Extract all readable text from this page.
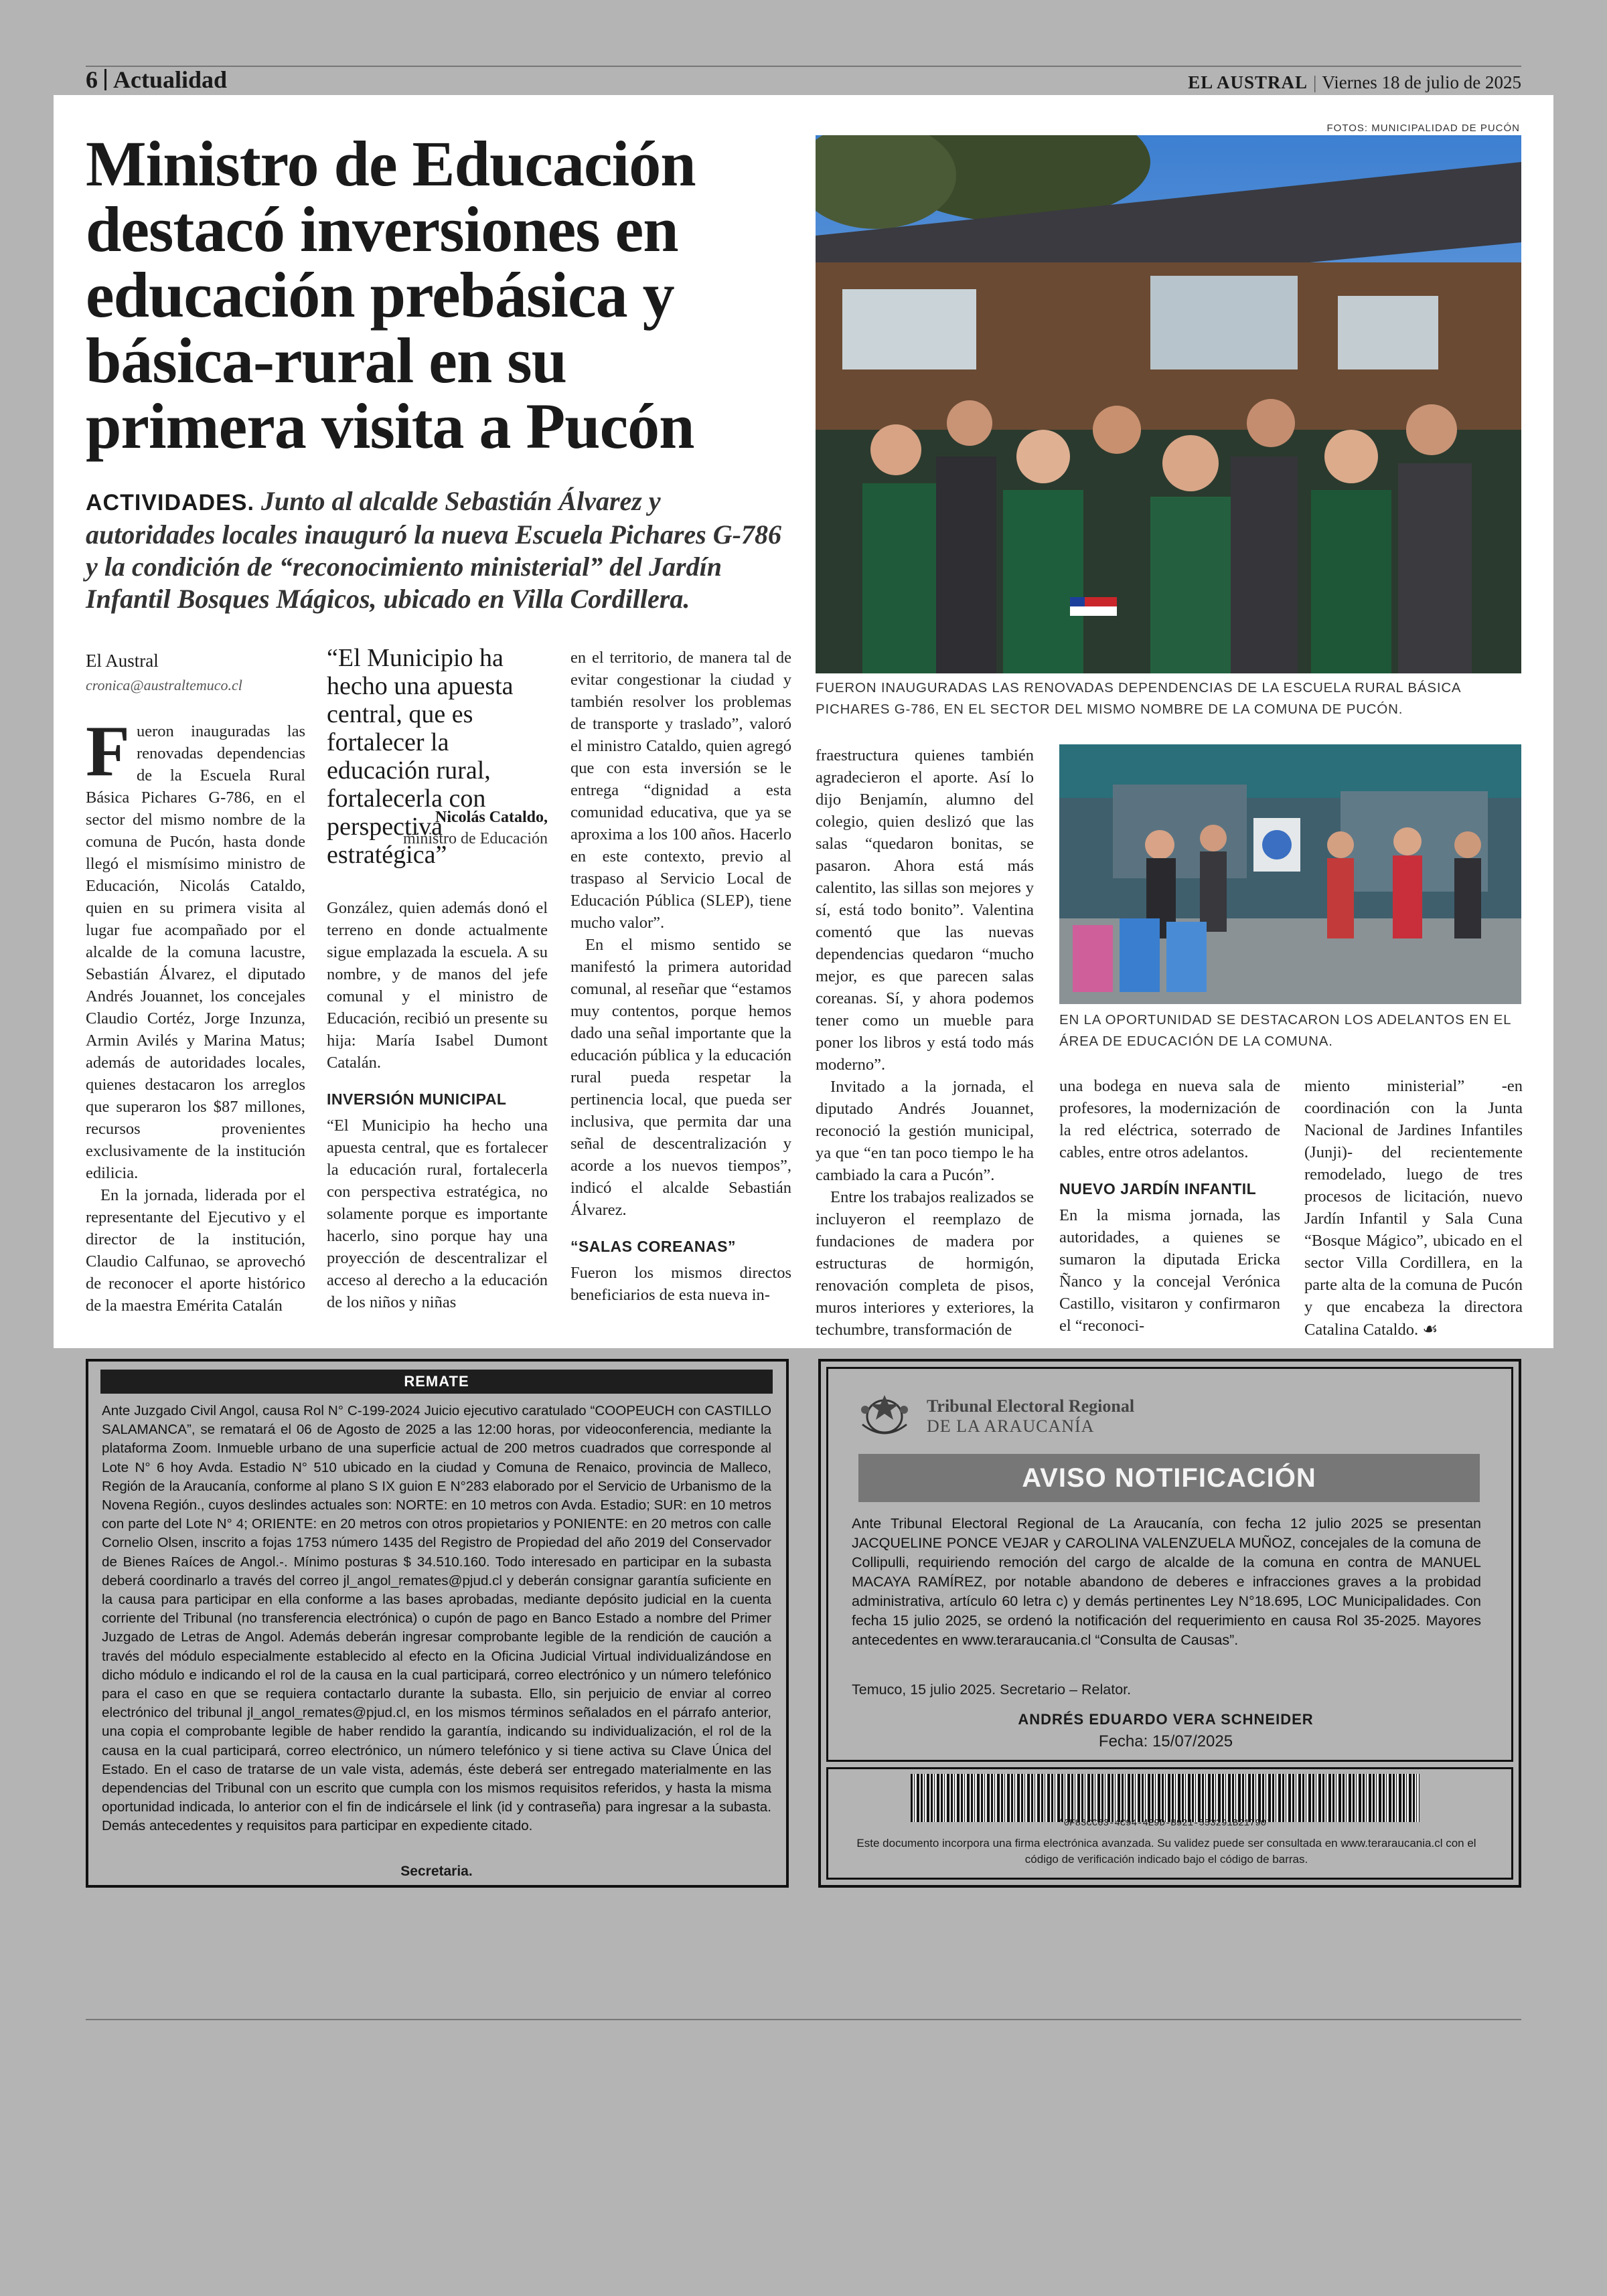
6 Actualidad	EL AUSTRAL | Viernes 18 de julio de 2025
Ministro de Educación destacó inversiones en educación prebásica y básica-rural en su primera visita a Pucón
ACTIVIDADES. Junto al alcalde Sebastián Álvarez y autoridades locales inauguró la nueva Escuela Pichares G-786 y la condición de “reconocimiento ministerial” del Jardín Infantil Bosques Mágicos, ubicado en Villa Cordillera.
El Austral
cronica@australtemuco.cl
“El Municipio ha hecho una apuesta central, que es fortalecer la educación rural, fortalecerla con perspectiva estratégica”
Nicolás Cataldo,
ministro de Educación

Fueron inauguradas las renovadas dependencias de la Escuela Rural Básica Pichares G-786, en el sector del mismo nombre de la comuna de Pucón, hasta donde llegó el mismísimo ministro de Educación, Nicolás Cataldo, quien en su primera visita al lugar fue acompañado por el alcalde de la comuna lacustre, Sebastián Álvarez, el diputado Andrés Jouannet, los concejales Claudio Cortéz, Jorge Inzunza, Armin Avilés y Marina Matus; además de autoridades locales, quienes destacaron los arreglos que superaron los $87 millones, recursos provenientes exclusivamente de la institución edilicia.

En la jornada, liderada por el representante del Ejecutivo y el director de la institución, Claudio Calfunao, se aprovechó de reconocer el aporte histórico de la maestra Emérita Catalán

González, quien además donó el terreno en donde actualmente sigue emplazada la escuela. A su nombre, y de manos del jefe comunal y el ministro de Educación, recibió un presente su hija: María Isabel Dumont Catalán.

INVERSIÓN MUNICIPAL

“El Municipio ha hecho una apuesta central, que es fortalecer la educación rural, fortalecerla con perspectiva estratégica, no solamente porque es importante hacerlo, sino porque hay una proyección de descentralizar el acceso al derecho a la educación de los niños y niñas

en el territorio, de manera tal de evitar congestionar la ciudad y también resolver los problemas de transporte y traslado”, valoró el ministro Cataldo, quien agregó que con esta inversión se le entrega “dignidad a esta comunidad educativa, que ya se aproxima a los 100 años. Hacerlo en este contexto, previo al traspaso al Servicio Local de Educación Pública (SLEP), tiene mucho valor”.

En el mismo sentido se manifestó la primera autoridad comunal, al reseñar que “estamos muy contentos, porque hemos dado una señal importante que la educación pública y la educación rural pueda respetar la pertinencia local, que pueda ser inclusiva, que permita dar una señal de descentralización y acorde a los nuevos tiempos”, indicó el alcalde Sebastián Álvarez.

“SALAS COREANAS”

Fueron los mismos directos beneficiarios de esta nueva in-

fraestructura quienes también agradecieron el aporte. Así lo dijo Benjamín, alumno del colegio, quien deslizó que las salas “quedaron bonitas, se pasaron. Ahora está más calentito, las sillas son mejores y sí, está todo bonito”. Valentina comentó que las nuevas dependencias quedaron “mucho mejor, es que parecen salas coreanas. Sí, y ahora podemos tener como un mueble para poner los libros y está todo más moderno”.

Invitado a la jornada, el diputado Andrés Jouannet, reconoció la gestión municipal, ya que “en tan poco tiempo le ha cambiado la cara a Pucón”.

Entre los trabajos realizados se incluyeron el reemplazo de fundaciones de madera por estructuras de hormigón, renovación completa de pisos, muros interiores y exteriores, la techumbre, transformación de

una bodega en nueva sala de profesores, la modernización de la red eléctrica, soterrado de cables, entre otros adelantos.

NUEVO JARDÍN INFANTIL

En la misma jornada, las autoridades, a quienes se sumaron la diputada Ericka Ñanco y la concejal Verónica Castillo, visitaron y confirmaron el “reconoci-

miento ministerial” -en coordinación con la Junta Nacional de Jardines Infantiles (Junji)- del recientemente remodelado, luego de tres procesos de licitación, nuevo Jardín Infantil y Sala Cuna “Bosque Mágico”, ubicado en el sector Villa Cordillera, en la parte alta de la comuna de Pucón y que encabeza la directora Catalina Cataldo. ☙

FOTOS: MUNICIPALIDAD DE PUCÓN
FUERON INAUGURADAS LAS RENOVADAS DEPENDENCIAS DE LA ESCUELA RURAL BÁSICA PICHARES G-786, EN EL SECTOR DEL MISMO NOMBRE DE LA COMUNA DE PUCÓN.
EN LA OPORTUNIDAD SE DESTACARON LOS ADELANTOS EN EL ÁREA DE EDUCACIÓN DE LA COMUNA.
REMATE
Ante Juzgado Civil Angol, causa Rol N° C-199-2024 Juicio ejecutivo caratulado “COOPEUCH con CASTILLO SALAMANCA”, se rematará el 06 de Agosto de 2025 a las 12:00 horas, por videoconferencia, mediante la plataforma Zoom. Inmueble urbano de una superficie actual de 200 metros cuadrados que corresponde al Lote N° 6 hoy Avda. Estadio N° 510 ubicado en la ciudad y Comuna de Renaico, provincia de Malleco, Región de la Araucanía, conforme al plano S IX guion E N°283 elaborado por el Servicio de Urbanismo de la Novena Región., cuyos deslindes actuales son: NORTE: en 10 metros con Avda. Estadio; SUR: en 10 metros con parte del Lote N° 4; ORIENTE: en 20 metros con otros propietarios y PONIENTE: en 20 metros con calle Cornelio Olsen, inscrito a fojas 1753 número 1435 del Registro de Propiedad del año 2019 del Conservador de Bienes Raíces de Angol.-. Mínimo posturas $ 34.510.160. Todo interesado en participar en la subasta deberá coordinarlo a través del correo jl_angol_remates@pjud.cl y deberán consignar garantía suficiente en la causa para participar en ella conforme a las bases aprobadas, mediante depósito judicial en la cuenta corriente del Tribunal (no transferencia electrónica) o cupón de pago en Banco Estado a nombre del Primer Juzgado de Letras de Angol. Además deberán ingresar comprobante legible de la rendición de caución a través del módulo especialmente establecido al efecto en la Oficina Judicial Virtual individualizándose en dicho módulo e indicando el rol de la causa en la cual participará, correo electrónico y un número telefónico para el caso en que se requiera contactarlo durante la subasta. Ello, sin perjuicio de enviar al correo electrónico del tribunal jl_angol_remates@pjud.cl, en los mismos términos señalados en el párrafo anterior, una copia el comprobante legible de haber rendido la garantía, indicando su individualización, el rol de la causa en la cual participará, correo electrónico, un número telefónico y si tiene activa su Clave Única del Estado. En el caso de tratarse de un vale vista, además, éste deberá ser entregado materialmente en las dependencias del Tribunal con un escrito que cumpla con los mismos requisitos referidos, y hasta la misma oportunidad indicada, lo anterior con el fin de indicársele el link (id y contraseña) para ingresar a la subasta. Demás antecedentes y requisitos para participar en expediente citado.
Secretaria.
Tribunal Electoral Regional
DE LA ARAUCANÍA
AVISO NOTIFICACIÓN
Ante Tribunal Electoral Regional de La Araucanía, con fecha 12 julio 2025 se presentan JACQUELINE PONCE VEJAR y CAROLINA VALENZUELA MUÑOZ, concejales de la comuna de Collipulli, requiriendo remoción del cargo de alcalde de la comuna en contra de MANUEL MACAYA RAMÍREZ, por notable abandono de deberes e infracciones graves a la probidad administrativa, artículo 60 letra c) y demás pertinentes Ley N°18.695, LOC Municipalidades. Con fecha 15 julio 2025, se ordenó la notificación del requerimiento en causa Rol 35-2025. Mayores antecedentes en www.teraraucania.cl “Consulta de Causas”.
Temuco, 15 julio 2025. Secretario – Relator.
ANDRÉS EDUARDO VERA SCHNEIDER
Fecha: 15/07/2025
*0F83CC63-4C94-4E9D-B921-553291B21790*
Este documento incorpora una firma electrónica avanzada. Su validez puede ser consultada en www.teraraucania.cl con el código de verificación indicado bajo el código de barras.
